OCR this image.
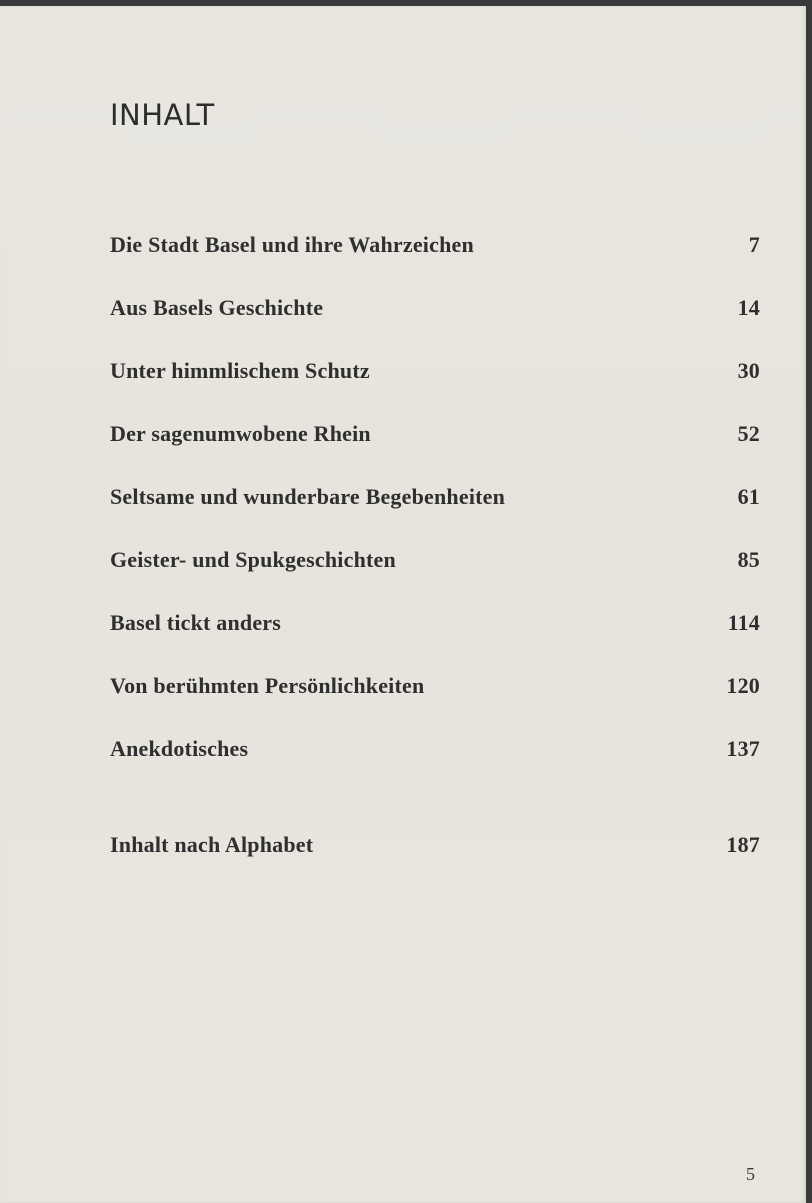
INHALT
Die Stadt Basel und ihre Wahrzeichen	7
Aus Basels Geschichte	14
Unter himmlischem Schutz	30
Der sagenumwobene Rhein	52
Seltsame und wunderbare Begebenheiten	61
Geister- und Spukgeschichten	85
Basel tickt anders	114
Von berühmten Persönlichkeiten	120
Anekdotisches	137
Inhalt nach Alphabet	187
5
